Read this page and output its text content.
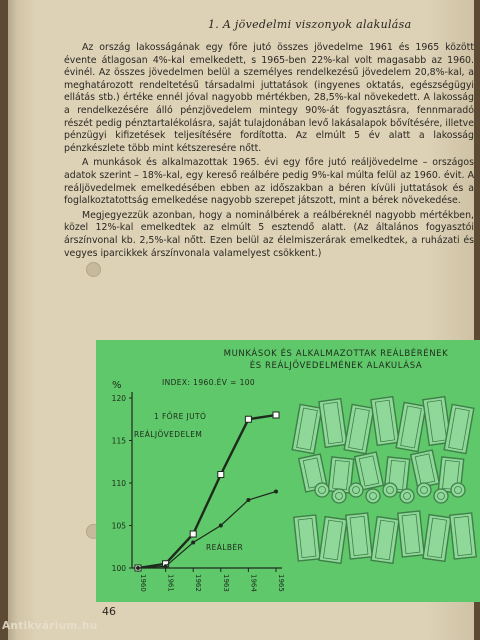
1. A jövedelmi viszonyok alakulása

Az ország lakosságának egy főre jutó összes jövedelme 1961 és 1965 között évente átlagosan 4%-kal emelkedett, s 1965-ben 22%-kal volt magasabb az 1960. évinél. Az összes jövedelmen belül a személyes rendelkezésű jövedelem 20,8%-kal, a meghatározott rendeltetésű társadalmi juttatások (ingyenes oktatás, egészségügyi ellátás stb.) értéke ennél jóval nagyobb mértékben, 28,5%-kal növekedett. A lakosság a rendelkezésére álló pénzjövedelem mintegy 90%-át fogyasztásra, fennmaradó részét pedig pénztartalékolásra, saját tulajdonában levő lakásalapok bővítésére, illetve pénzügyi kifizetések teljesítésére fordította. Az elmúlt 5 év alatt a lakosság pénzkészlete több mint kétszeresére nőtt.

A munkások és alkalmazottak 1965. évi egy főre jutó reáljövedelme – országos adatok szerint – 18%-kal, egy kereső reálbére pedig 9%-kal múlta felül az 1960. évit. A reáljövedelmek emelkedésében ebben az időszakban a béren kívüli juttatások és a foglalkoztatottság emelkedése nagyobb szerepet játszott, mint a bérek növekedése.

Megjegyezzük azonban, hogy a nominálbérek a reálbéreknél nagyobb mértékben, közel 12%-kal emelkedtek az elmúlt 5 esztendő alatt. (Az általános fogyasztói árszínvonal kb. 2,5%-kal nőtt. Ezen belül az élelmiszerárak emelkedtek, a ruházati és vegyes iparcikkek árszínvonala valamelyest csökkent.)

MUNKÁSOK ÉS ALKALMAZOTTAK REÁLBÉRÉNEK
ÉS REÁLJÖVEDELMÉNEK ALAKULÁSA
%	INDEX: 1960.ÉV = 100
1 FŐRE JUTÓ
REÁLJÖVEDELEM
REÁLBÉR
100
105
110
115
120
1960	1961	1962	1963	1964	1965
46
Antikvárium.hu
